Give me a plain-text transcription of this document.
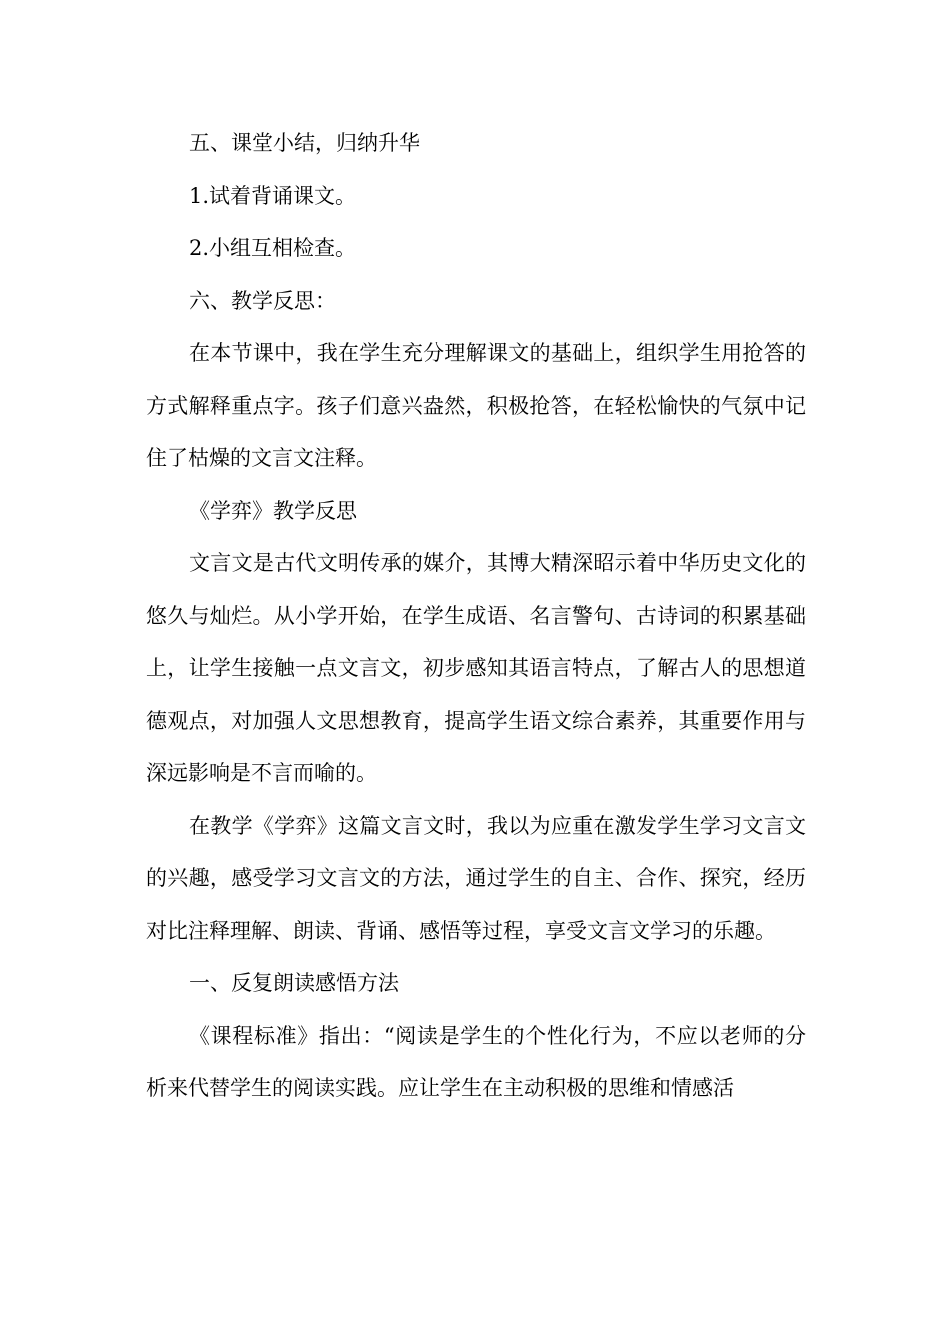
五、课堂小结，归纳升华

1.试着背诵课文。

2.小组互相检查。

六、教学反思：

在本节课中，我在学生充分理解课文的基础上，组织学生用抢答的方式解释重点字。孩子们意兴盎然，积极抢答，在轻松愉快的气氛中记住了枯燥的文言文注释。

《学弈》教学反思

文言文是古代文明传承的媒介，其博大精深昭示着中华历史文化的悠久与灿烂。从小学开始，在学生成语、名言警句、古诗词的积累基础上，让学生接触一点文言文，初步感知其语言特点，了解古人的思想道德观点，对加强人文思想教育，提高学生语文综合素养，其重要作用与深远影响是不言而喻的。

在教学《学弈》这篇文言文时，我以为应重在激发学生学习文言文的兴趣，感受学习文言文的方法，通过学生的自主、合作、探究，经历对比注释理解、朗读、背诵、感悟等过程，享受文言文学习的乐趣。

一、反复朗读感悟方法

《课程标准》指出：“阅读是学生的个性化行为，不应以老师的分析来代替学生的阅读实践。应让学生在主动积极的思维和情感活
